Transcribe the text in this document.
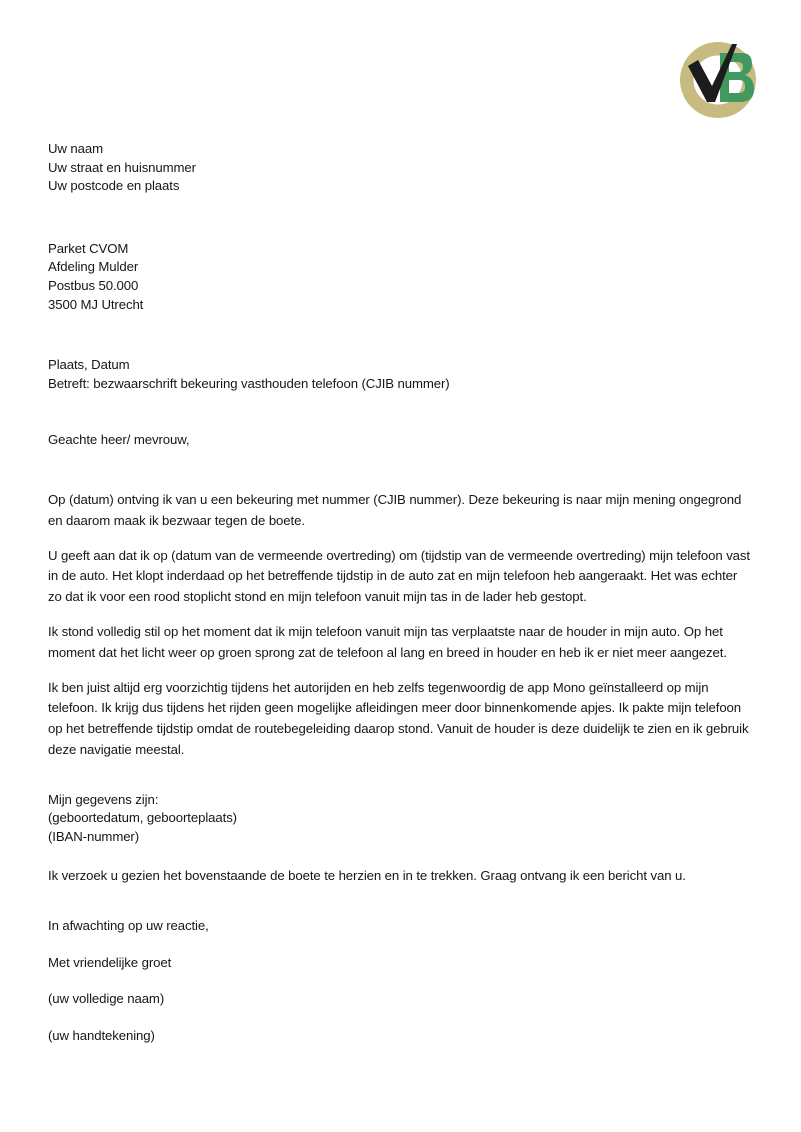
Uw naam
Uw straat en huisnummer
Uw postcode en plaats
Parket CVOM
Afdeling Mulder
Postbus 50.000
3500 MJ Utrecht
Plaats, Datum
Betreft: bezwaarschrift bekeuring vasthouden telefoon (CJIB nummer)
Geachte heer/ mevrouw,
Op (datum) ontving ik van u een bekeuring met nummer (CJIB nummer). Deze bekeuring is naar mijn mening ongegrond en daarom maak ik bezwaar tegen de boete.
U geeft aan dat ik op (datum van de vermeende overtreding) om (tijdstip van de vermeende overtreding) mijn telefoon vast in de auto. Het klopt inderdaad op het betreffende tijdstip in de auto zat en mijn telefoon heb aangeraakt. Het was echter zo dat ik voor een rood stoplicht stond en mijn telefoon vanuit mijn tas in de lader heb gestopt.
Ik stond volledig stil op het moment dat ik mijn telefoon vanuit mijn tas verplaatste naar de houder in mijn auto. Op het moment dat het licht weer op groen sprong zat de telefoon al lang en breed in houder en heb ik er niet meer aangezet.
Ik ben juist altijd erg voorzichtig tijdens het autorijden en heb zelfs tegenwoordig de app Mono geïnstalleerd op mijn telefoon. Ik krijg dus tijdens het rijden geen mogelijke afleidingen meer door binnenkomende apjes. Ik pakte mijn telefoon op het betreffende tijdstip omdat de routebegeleiding daarop stond. Vanuit de houder is deze duidelijk te zien en ik gebruik deze navigatie meestal.
Mijn gegevens zijn:
(geboortedatum, geboorteplaats)
(IBAN-nummer)
Ik verzoek u gezien het bovenstaande de boete te herzien en in te trekken. Graag ontvang ik een bericht van u.
In afwachting op uw reactie,
Met vriendelijke groet
(uw volledige naam)
(uw handtekening)
